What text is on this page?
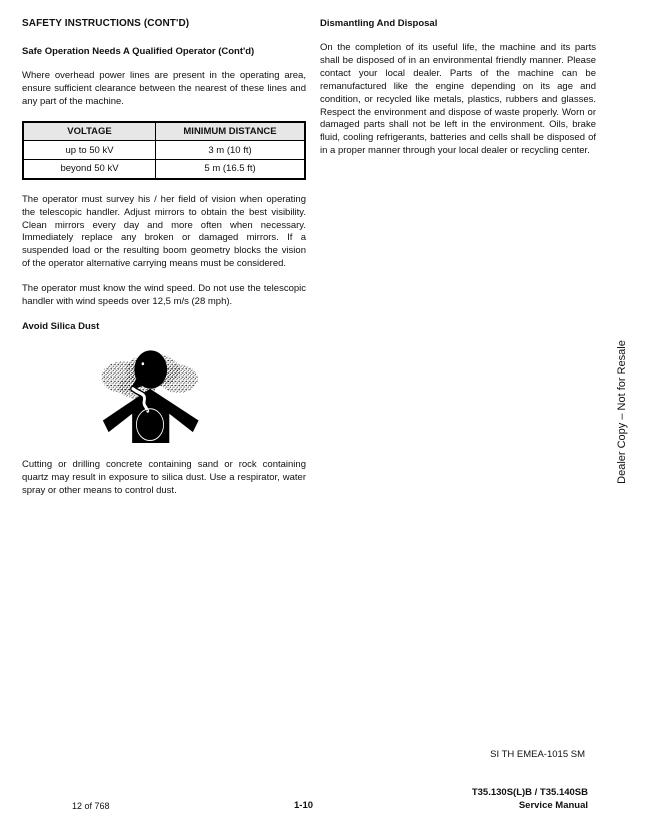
SAFETY INSTRUCTIONS (CONT'D)
Safe Operation Needs A Qualified Operator (Cont'd)

Where overhead power lines are present in the operating area, ensure sufficient clearance between the nearest of these lines and any part of the machine.

VOLTAGE	MINIMUM DISTANCE
up to 50 kV	3 m (10 ft)
beyond 50 kV	5 m (16.5 ft)

The operator must survey his / her field of vision when operating the telescopic handler. Adjust mirrors to obtain the best visibility. Clean mirrors every day and more often when necessary. Immediately replace any broken or damaged mirrors. If a suspended load or the resulting boom geometry blocks the vision of the operator alternative carrying means must be considered.

The operator must know the wind speed. Do not use the telescopic handler with wind speeds over 12,5 m/s (28 mph).

Avoid Silica Dust

Cutting or drilling concrete containing sand or rock containing quartz may result in exposure to silica dust. Use a respirator, water spray or other means to control dust.

Dismantling And Disposal

On the completion of its useful life, the machine and its parts shall be disposed of in an environmental friendly manner. Please contact your local dealer. Parts of the machine can be remanufactured like the engine depending on its age and condition, or recycled like metals, plastics, rubbers and glasses. Respect the environment and dispose of waste properly. Worn or damaged parts shall not be left in the environment. Oils, brake fluid, cooling refrigerants, batteries and cells shall be disposed of in a proper manner through your local dealer or recycling center.

Dealer Copy – Not for Resale
SI TH EMEA-1015 SM
T35.130S(L)B / T35.140SB
Service Manual
12 of 768	1-10
